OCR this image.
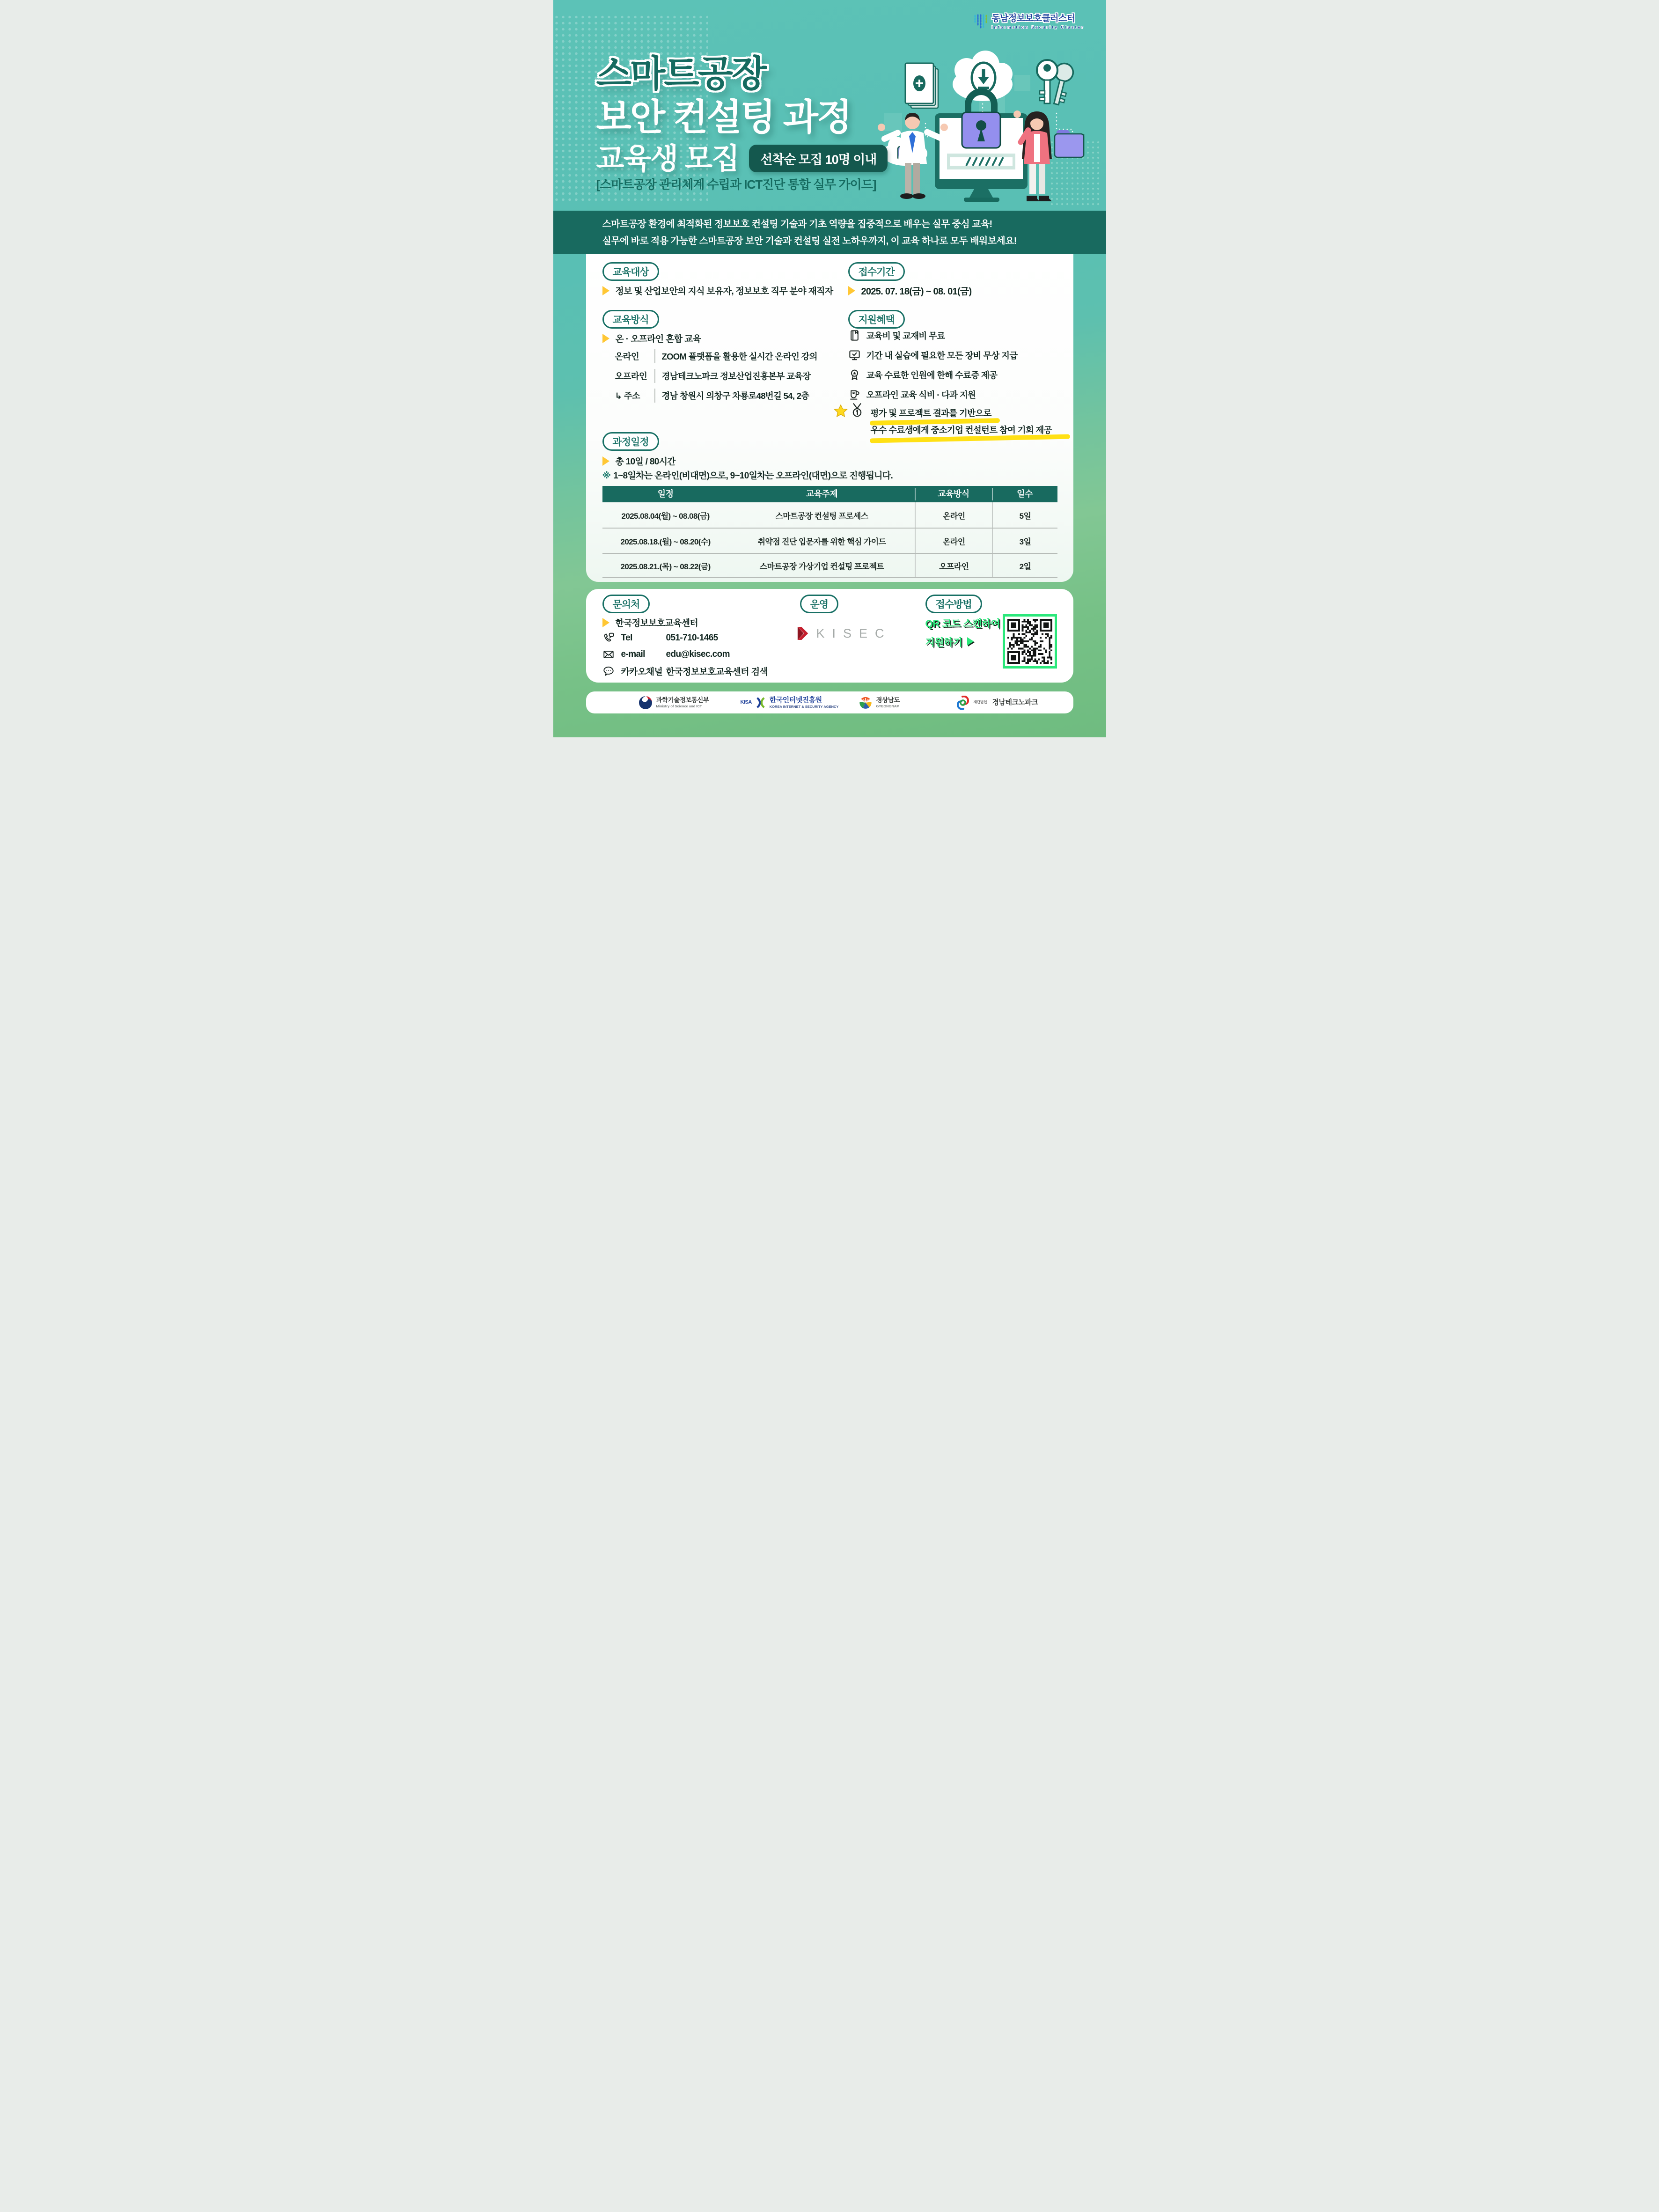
동남정보보호클러스터
Information Security Cluster
스마트공장
보안 컨설팅 과정
교육생 모집	선착순 모집 10명 이내
[스마트공장 관리체계 수립과 ICT진단 통합 실무 가이드]
스마트공장 환경에 최적화된 정보보호 컨설팅 기술과 기초 역량을 집중적으로 배우는 실무 중심 교육!
실무에 바로 적용 가능한 스마트공장 보안 기술과 컨설팅 실전 노하우까지, 이 교육 하나로 모두 배워보세요!
교육대상
정보 및 산업보안의 지식 보유자, 정보보호 직무 분야 재직자
접수기간
2025. 07. 18(금) ~ 08. 01(금)
교육방식
온 · 오프라인 혼합 교육
온라인	ZOOM 플랫폼을 활용한 실시간 온라인 강의
오프라인	경남테크노파크 정보산업진흥본부 교육장
↳ 주소	경남 창원시 의창구 차룡로48번길 54, 2층
지원혜택
교육비 및 교재비 무료
기간 내 실습에 필요한 모든 장비 무상 지급
교육 수료한 인원에 한해 수료증 제공
오프라인 교육 식비 · 다과 지원
평가 및 프로젝트 결과를 기반으로
우수 수료생에게 중소기업 컨설턴트 참여 기회 제공
과정일정
총 10일 / 80시간
※ 1~8일차는 온라인(비대면)으로, 9~10일차는 오프라인(대면)으로 진행됩니다.
일정	교육주제	교육방식	일수
2025.08.04(월) ~ 08.08(금)	스마트공장 컨설팅 프로세스	온라인	5일
2025.08.18.(월) ~ 08.20(수)	취약점 진단 입문자를 위한 핵심 가이드	온라인	3일
2025.08.21.(목) ~ 08.22(금)	스마트공장 가상기업 컨설팅 프로젝트	오프라인	2일
문의처
한국정보보호교육센터
Tel	051-710-1465
e-mail	edu@kisec.com
카카오채널 한국정보보호교육센터 검색
운영
KISEC
접수방법
QR 코드 스캔하여
지원하기
과학기술정보통신부
Ministry of Science and ICT
KISA	한국인터넷진흥원
KOREA INTERNET & SECURITY AGENCY
경상남도
GYEONGNAM
재단법인 경남테크노파크
